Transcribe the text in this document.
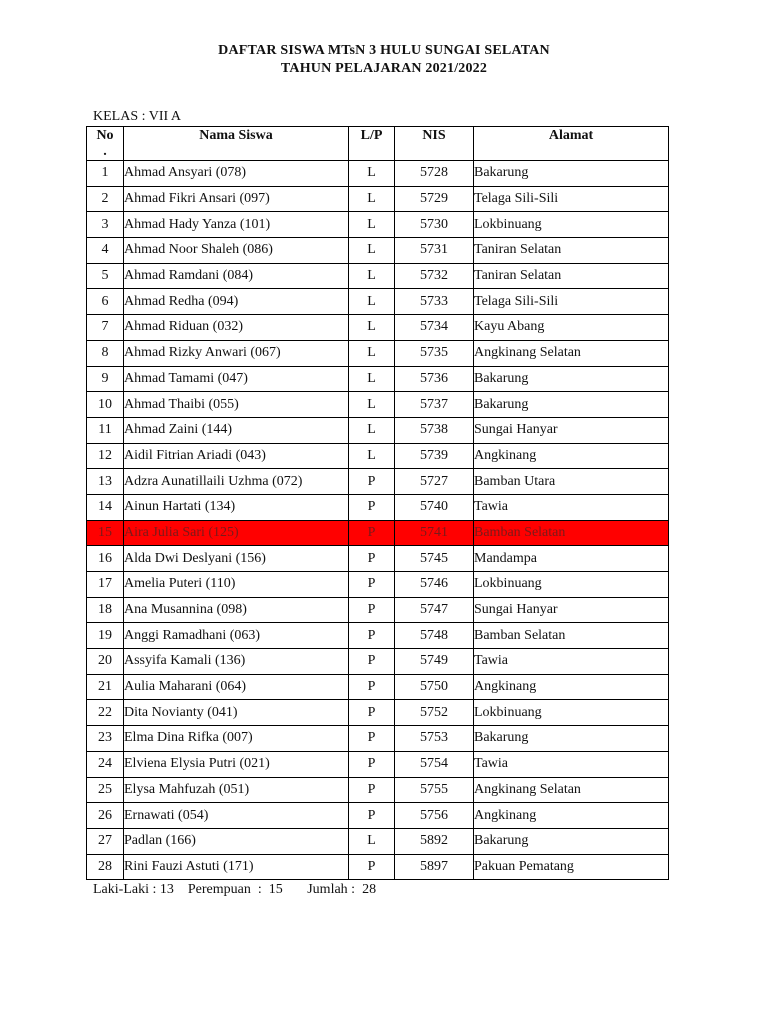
DAFTAR SISWA MTsN 3 HULU SUNGAI SELATAN
TAHUN PELAJARAN 2021/2022
KELAS : VII A
No
.	Nama Siswa	L/P	NIS	Alamat
1	Ahmad Ansyari (078)	L	5728	Bakarung
2	Ahmad Fikri Ansari (097)	L	5729	Telaga Sili-Sili
3	Ahmad Hady Yanza (101)	L	5730	Lokbinuang
4	Ahmad Noor Shaleh (086)	L	5731	Taniran Selatan
5	Ahmad Ramdani (084)	L	5732	Taniran Selatan
6	Ahmad Redha (094)	L	5733	Telaga Sili-Sili
7	Ahmad Riduan (032)	L	5734	Kayu Abang
8	Ahmad Rizky Anwari (067)	L	5735	Angkinang Selatan
9	Ahmad Tamami (047)	L	5736	Bakarung
10	Ahmad Thaibi (055)	L	5737	Bakarung
11	Ahmad Zaini (144)	L	5738	Sungai Hanyar
12	Aidil Fitrian Ariadi (043)	L	5739	Angkinang
13	Adzra Aunatillaili Uzhma (072)	P	5727	Bamban Utara
14	Ainun Hartati (134)	P	5740	Tawia
15	Aira Julia Sari (125)	P	5741	Bamban Selatan
16	Alda Dwi Deslyani (156)	P	5745	Mandampa
17	Amelia Puteri (110)	P	5746	Lokbinuang
18	Ana Musannina (098)	P	5747	Sungai Hanyar
19	Anggi Ramadhani (063)	P	5748	Bamban Selatan
20	Assyifa Kamali (136)	P	5749	Tawia
21	Aulia Maharani (064)	P	5750	Angkinang
22	Dita Novianty (041)	P	5752	Lokbinuang
23	Elma Dina Rifka (007)	P	5753	Bakarung
24	Elviena Elysia Putri (021)	P	5754	Tawia
25	Elysa Mahfuzah (051)	P	5755	Angkinang Selatan
26	Ernawati (054)	P	5756	Angkinang
27	Padlan (166)	L	5892	Bakarung
28	Rini Fauzi Astuti (171)	P	5897	Pakuan Pematang
Laki-Laki : 13    Perempuan  :  15       Jumlah :  28
